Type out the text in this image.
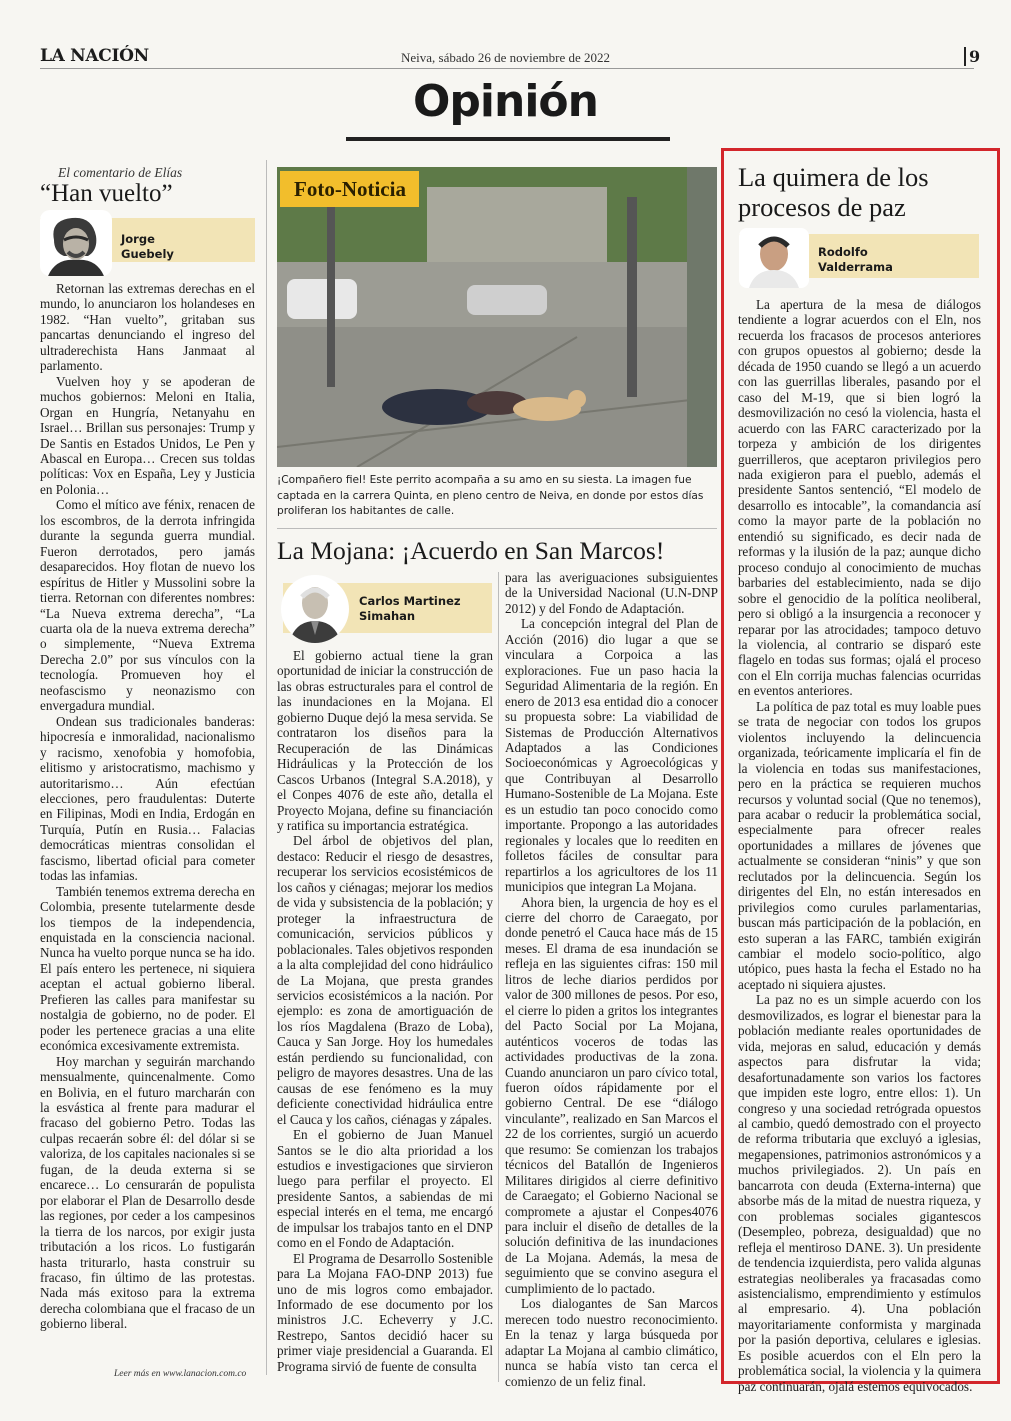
LA NACIÓN	Neiva, sábado 26 de noviembre de 2022	9
Opinión
El comentario de Elías
“Han vuelto”
Jorge
Guebely

Retornan las extremas derechas en el mundo, lo anunciaron los holandeses en 1982. “Han vuelto”, gritaban sus pancartas denunciando el ingreso del ultraderechista Hans Janmaat al parlamento.

Vuelven hoy y se apoderan de muchos gobiernos: Meloni en Italia, Organ en Hungría, Netanyahu en Israel… Brillan sus personajes: Trump y De Santis en Estados Unidos, Le Pen y Abascal en Europa… Crecen sus toldas políticas: Vox en España, Ley y Justicia en Polonia…

Como el mítico ave fénix, renacen de los escombros, de la derrota infringida durante la segunda guerra mundial. Fueron derrotados, pero jamás desaparecidos. Hoy flotan de nuevo los espíritus de Hitler y Mussolini sobre la tierra. Retornan con diferentes nombres: “La Nueva extrema derecha”, “La cuarta ola de la nueva extrema derecha” o simplemente, “Nueva Extrema Derecha 2.0” por sus vínculos con la tecnología. Promueven hoy el neofascismo y neonazismo con envergadura mundial.

Ondean sus tradicionales banderas: hipocresía e inmoralidad, nacionalismo y racismo, xenofobia y homofobia, elitismo y aristocratismo, machismo y autoritarismo… Aún efectúan elecciones, pero fraudulentas: Duterte en Filipinas, Modi en India, Erdogán en Turquía, Putín en Rusia… Falacias democráticas mientras consolidan el fascismo, libertad oficial para cometer todas las infamias.

También tenemos extrema derecha en Colombia, presente tutelarmente desde los tiempos de la independencia, enquistada en la consciencia nacional. Nunca ha vuelto porque nunca se ha ido. El país entero les pertenece, ni siquiera aceptan el actual gobierno liberal. Prefieren las calles para manifestar su nostalgia de gobierno, no de poder. El poder les pertenece gracias a una elite económica excesivamente extremista.

Hoy marchan y seguirán marchando mensualmente, quincenalmente. Como en Bolivia, en el futuro marcharán con la esvástica al frente para madurar el fracaso del gobierno Petro. Todas las culpas recaerán sobre él: del dólar si se valoriza, de los capitales nacionales si se fugan, de la deuda externa si se encarece… Lo censurarán de populista por elaborar el Plan de Desarrollo desde las regiones, por ceder a los campesinos la tierra de los narcos, por exigir justa tributación a los ricos. Lo fustigarán hasta triturarlo, hasta construir su fracaso, fin último de las protestas. Nada más exitoso para la extrema derecha colombiana que el fracaso de un gobierno liberal.

Leer más en www.lanacion.com.co
Foto-Noticia
¡Compañero fiel! Este perrito acompaña a su amo en su siesta. La imagen fue captada en la carrera Quinta, en pleno centro de Neiva, en donde por estos días proliferan los habitantes de calle.
La Mojana: ¡Acuerdo en San Marcos!
Carlos Martinez
Simahan

El gobierno actual tiene la gran oportunidad de iniciar la construcción de las obras estructurales para el control de las inundaciones en la Mojana. El gobierno Duque dejó la mesa servida. Se contrataron los diseños para la Recuperación de las Dinámicas Hidráulicas y la Protección de los Cascos Urbanos (Integral S.A.2018), y el Conpes 4076 de este año, detalla el Proyecto Mojana, define su financiación y ratifica su importancia estratégica.

Del árbol de objetivos del plan, destaco: Reducir el riesgo de desastres, recuperar los servicios ecosistémicos de los caños y ciénagas; mejorar los medios de vida y subsistencia de la población; y proteger la infraestructura de comunicación, servicios públicos y poblacionales. Tales objetivos responden a la alta complejidad del cono hidráulico de La Mojana, que presta grandes servicios ecosistémicos a la nación. Por ejemplo: es zona de amortiguación de los ríos Magdalena (Brazo de Loba), Cauca y San Jorge. Hoy los humedales están perdiendo su funcionalidad, con peligro de mayores desastres. Una de las causas de ese fenómeno es la muy deficiente conectividad hidráulica entre el Cauca y los caños, ciénagas y zápales.

En el gobierno de Juan Manuel Santos se le dio alta prioridad a los estudios e investigaciones que sirvieron luego para perfilar el proyecto. El presidente Santos, a sabiendas de mi especial interés en el tema, me encargó de impulsar los trabajos tanto en el DNP como en el Fondo de Adaptación.

El Programa de Desarrollo Sostenible para La Mojana FAO-DNP 2013) fue uno de mis logros como embajador. Informado de ese documento por los ministros J.C. Echeverry y J.C. Restrepo, Santos decidió hacer su primer viaje presidencial a Guaranda. El Programa sirvió de fuente de consulta

para las averiguaciones subsiguientes de la Universidad Nacional (U.N-DNP 2012) y del Fondo de Adaptación.

La concepción integral del Plan de Acción (2016) dio lugar a que se vinculara a Corpoica a las exploraciones. Fue un paso hacia la Seguridad Alimentaria de la región. En enero de 2013 esa entidad dio a conocer su propuesta sobre: La viabilidad de Sistemas de Producción Alternativos Adaptados a las Condiciones Socioeconómicas y Agroecológicas y que Contribuyan al Desarrollo Humano-Sostenible de La Mojana. Este es un estudio tan poco conocido como importante. Propongo a las autoridades regionales y locales que lo reediten en folletos fáciles de consultar para repartirlos a los agricultores de los 11 municipios que integran La Mojana.

Ahora bien, la urgencia de hoy es el cierre del chorro de Caraegato, por donde penetró el Cauca hace más de 15 meses. El drama de esa inundación se refleja en las siguientes cifras: 150 mil litros de leche diarios perdidos por valor de 300 millones de pesos. Por eso, el cierre lo piden a gritos los integrantes del Pacto Social por La Mojana, auténticos voceros de todas las actividades productivas de la zona. Cuando anunciaron un paro cívico total, fueron oídos rápidamente por el gobierno Central. De ese “diálogo vinculante”, realizado en San Marcos el 22 de los corrientes, surgió un acuerdo que resumo: Se comienzan los trabajos técnicos del Batallón de Ingenieros Militares dirigidos al cierre definitivo de Caraegato; el Gobierno Nacional se compromete a ajustar el Conpes4076 para incluir el diseño de detalles de la solución definitiva de las inundaciones de La Mojana. Además, la mesa de seguimiento que se convino asegura el cumplimiento de lo pactado.

Los dialogantes de San Marcos merecen todo nuestro reconocimiento. En la tenaz y larga búsqueda por adaptar La Mojana al cambio climático, nunca se había visto tan cerca el comienzo de un feliz final.

La quimera de los procesos de paz
Rodolfo
Valderrama

La apertura de la mesa de diálogos tendiente a lograr acuerdos con el Eln, nos recuerda los fracasos de procesos anteriores con grupos opuestos al gobierno; desde la década de 1950 cuando se llegó a un acuerdo con las guerrillas liberales, pasando por el caso del M-19, que si bien logró la desmovilización no cesó la violencia, hasta el acuerdo con las FARC caracterizado por la torpeza y ambición de los dirigentes guerrilleros, que aceptaron privilegios pero nada exigieron para el pueblo, además el presidente Santos sentenció, “El modelo de desarrollo es intocable”, la comandancia así como la mayor parte de la población no entendió su significado, es decir nada de reformas y la ilusión de la paz; aunque dicho proceso condujo al conocimiento de muchas barbaries del establecimiento, nada se dijo sobre el genocidio de la política neoliberal, pero si obligó a la insurgencia a reconocer y reparar por las atrocidades; tampoco detuvo la violencia, al contrario se disparó este flagelo en todas sus formas; ojalá el proceso con el Eln corrija muchas falencias ocurridas en eventos anteriores.

La política de paz total es muy loable pues se trata de negociar con todos los grupos violentos incluyendo la delincuencia organizada, teóricamente implicaría el fin de la violencia en todas sus manifestaciones, pero en la práctica se requieren muchos recursos y voluntad social (Que no tenemos), para acabar o reducir la problemática social, especialmente para ofrecer reales oportunidades a millares de jóvenes que actualmente se consideran “ninis” y que son reclutados por la delincuencia. Según los dirigentes del Eln, no están interesados en privilegios como curules parlamentarias, buscan más participación de la población, en esto superan a las FARC, también exigirán cambiar el modelo socio-político, algo utópico, pues hasta la fecha el Estado no ha aceptado ni siquiera ajustes.

La paz no es un simple acuerdo con los desmovilizados, es lograr el bienestar para la población mediante reales oportunidades de vida, mejoras en salud, educación y demás aspectos para disfrutar la vida; desafortunadamente son varios los factores que impiden este logro, entre ellos: 1). Un congreso y una sociedad retrógrada opuestos al cambio, quedó demostrado con el proyecto de reforma tributaria que excluyó a iglesias, megapensiones, patrimonios astronómicos y a muchos privilegiados. 2). Un país en bancarrota con deuda (Externa-interna) que absorbe más de la mitad de nuestra riqueza, y con problemas sociales gigantescos (Desempleo, pobreza, desigualdad) que no refleja el mentiroso DANE. 3). Un presidente de tendencia izquierdista, pero valida algunas estrategias neoliberales ya fracasadas como asistencialismo, emprendimiento y estímulos al empresario. 4). Una población mayoritariamente conformista y marginada por la pasión deportiva, celulares e iglesias. Es posible acuerdos con el Eln pero la problemática social, la violencia y la quimera paz continuarán, ojalá estemos equivocados.
